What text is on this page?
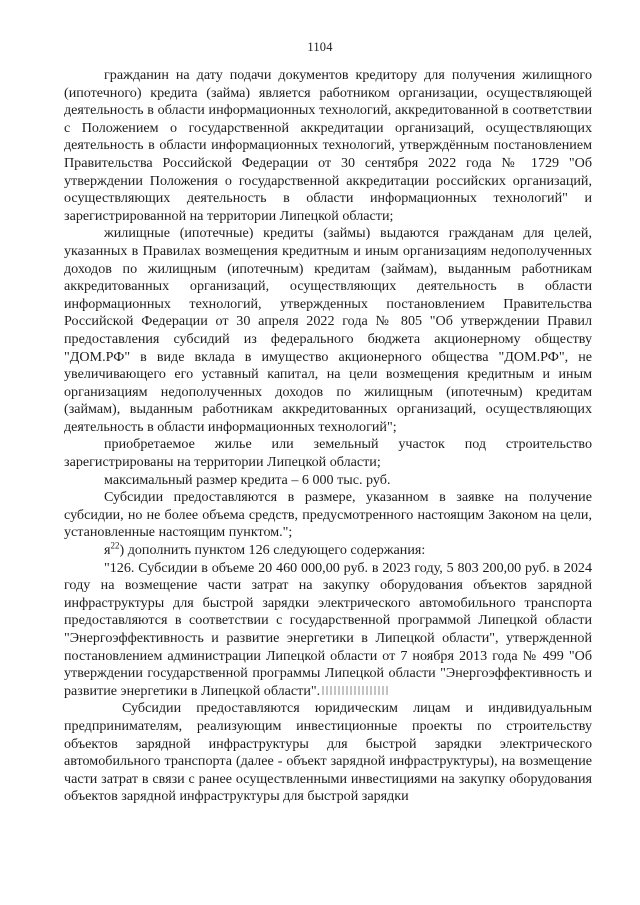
1104

гражданин на дату подачи документов кредитору для получения жилищного (ипотечного) кредита (займа) является работником организации, осуществляющей деятельность в области информационных технологий, аккредитованной в соответствии с Положением о государственной аккредитации организаций, осуществляющих деятельность в области информационных технологий, утверждённым постановлением Правительства Российской Федерации от 30 сентября 2022 года № 1729 "Об утверждении Положения о государственной аккредитации российских организаций, осуществляющих деятельность в области информационных технологий" и зарегистрированной на территории Липецкой области;

жилищные (ипотечные) кредиты (займы) выдаются гражданам для целей, указанных в Правилах возмещения кредитным и иным организациям недополученных доходов по жилищным (ипотечным) кредитам (займам), выданным работникам аккредитованных организаций, осуществляющих деятельность в области информационных технологий, утвержденных постановлением Правительства Российской Федерации от 30 апреля 2022 года № 805 "Об утверждении Правил предоставления субсидий из федерального бюджета акционерному обществу "ДОМ.РФ" в виде вклада в имущество акционерного общества "ДОМ.РФ", не увеличивающего его уставный капитал, на цели возмещения кредитным и иным организациям недополученных доходов по жилищным (ипотечным) кредитам (займам), выданным работникам аккредитованных организаций, осуществляющих деятельность в области информационных технологий";

приобретаемое жилье или земельный участок под строительство зарегистрированы на территории Липецкой области;

максимальный размер кредита – 6 000 тыс. руб.

Субсидии предоставляются в размере, указанном в заявке на получение субсидии, но не более объема средств, предусмотренного настоящим Законом на цели, установленные настоящим пунктом.";

$я^{22}$) дополнить пунктом 126 следующего содержания:

"126. Субсидии в объеме 20 460 000,00 руб. в 2023 году, 5 803 200,00 руб. в 2024 году на возмещение части затрат на закупку оборудования объектов зарядной инфраструктуры для быстрой зарядки электрического автомобильного транспорта предоставляются в соответствии с государственной программой Липецкой области "Энергоэффективность и развитие энергетики в Липецкой области", утвержденной постановлением администрации Липецкой области от 7 ноября 2013 года № 499 "Об утверждении государственной программы Липецкой области "Энергоэффективность и развитие энергетики в Липецкой области".

Субсидии предоставляются юридическим лицам и индивидуальным предпринимателям, реализующим инвестиционные проекты по строительству объектов зарядной инфраструктуры для быстрой зарядки электрического автомобильного транспорта (далее - объект зарядной инфраструктуры), на возмещение части затрат в связи с ранее осуществленными инвестициями на закупку оборудования объектов зарядной инфраструктуры для быстрой зарядки
